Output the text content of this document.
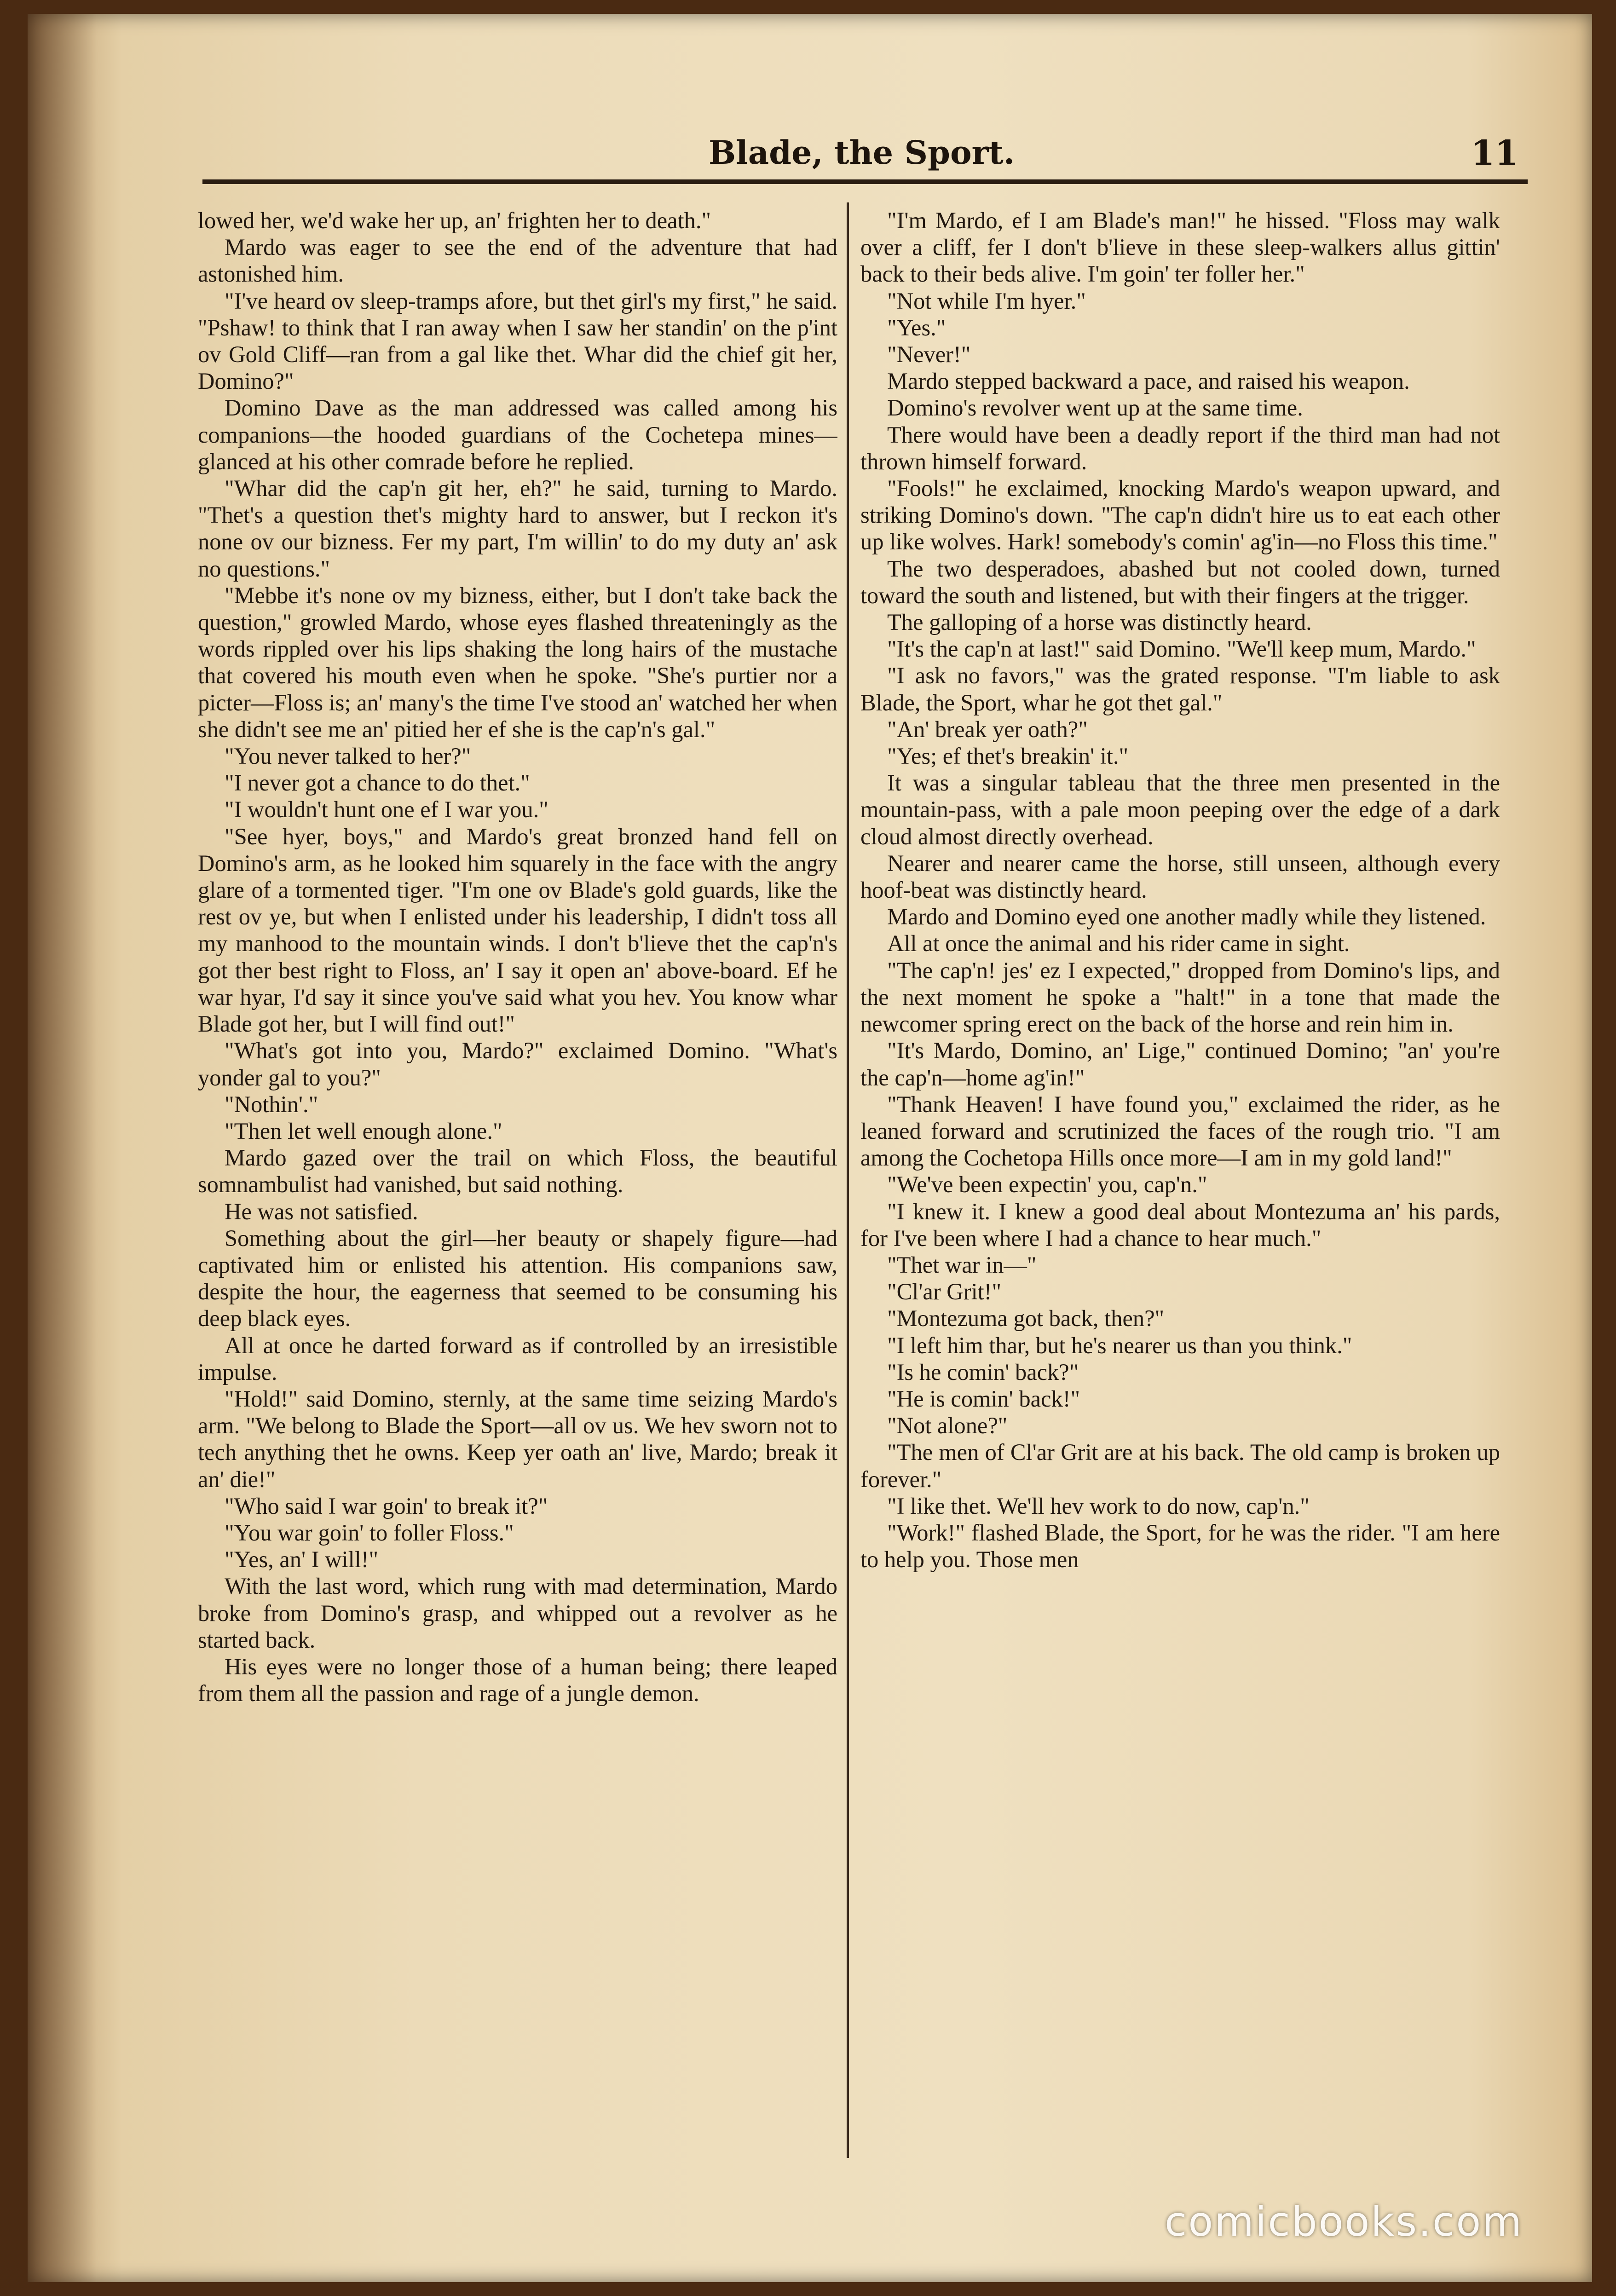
Blade, the Sport.	11

lowed her, we'd wake her up, an' frighten her to death."

Mardo was eager to see the end of the adventure that had astonished him.

"I've heard ov sleep-tramps afore, but thet girl's my first," he said. "Pshaw! to think that I ran away when I saw her standin' on the p'int ov Gold Cliff—ran from a gal like thet. Whar did the chief git her, Domino?"

Domino Dave as the man addressed was called among his companions—the hooded guardians of the Cochetepa mines—glanced at his other comrade before he replied.

"Whar did the cap'n git her, eh?" he said, turning to Mardo. "Thet's a question thet's mighty hard to answer, but I reckon it's none ov our bizness. Fer my part, I'm willin' to do my duty an' ask no questions."

"Mebbe it's none ov my bizness, either, but I don't take back the question," growled Mardo, whose eyes flashed threateningly as the words rippled over his lips shaking the long hairs of the mustache that covered his mouth even when he spoke. "She's purtier nor a picter—Floss is; an' many's the time I've stood an' watched her when she didn't see me an' pitied her ef she is the cap'n's gal."

"You never talked to her?"

"I never got a chance to do thet."

"I wouldn't hunt one ef I war you."

"See hyer, boys," and Mardo's great bronzed hand fell on Domino's arm, as he looked him squarely in the face with the angry glare of a tormented tiger. "I'm one ov Blade's gold guards, like the rest ov ye, but when I enlisted under his leadership, I didn't toss all my manhood to the mountain winds. I don't b'lieve thet the cap'n's got ther best right to Floss, an' I say it open an' above-board. Ef he war hyar, I'd say it since you've said what you hev. You know whar Blade got her, but I will find out!"

"What's got into you, Mardo?" exclaimed Domino. "What's yonder gal to you?"

"Nothin'."

"Then let well enough alone."

Mardo gazed over the trail on which Floss, the beautiful somnambulist had vanished, but said nothing.

He was not satisfied.

Something about the girl—her beauty or shapely figure—had captivated him or enlisted his attention. His companions saw, despite the hour, the eagerness that seemed to be consuming his deep black eyes.

All at once he darted forward as if controlled by an irresistible impulse.

"Hold!" said Domino, sternly, at the same time seizing Mardo's arm. "We belong to Blade the Sport—all ov us. We hev sworn not to tech anything thet he owns. Keep yer oath an' live, Mardo; break it an' die!"

"Who said I war goin' to break it?"

"You war goin' to foller Floss."

"Yes, an' I will!"

With the last word, which rung with mad determination, Mardo broke from Domino's grasp, and whipped out a revolver as he started back.

His eyes were no longer those of a human being; there leaped from them all the passion and rage of a jungle demon.

"I'm Mardo, ef I am Blade's man!" he hissed. "Floss may walk over a cliff, fer I don't b'lieve in these sleep-walkers allus gittin' back to their beds alive. I'm goin' ter foller her."

"Not while I'm hyer."

"Yes."

"Never!"

Mardo stepped backward a pace, and raised his weapon.

Domino's revolver went up at the same time.

There would have been a deadly report if the third man had not thrown himself forward.

"Fools!" he exclaimed, knocking Mardo's weapon upward, and striking Domino's down. "The cap'n didn't hire us to eat each other up like wolves. Hark! somebody's comin' ag'in—no Floss this time."

The two desperadoes, abashed but not cooled down, turned toward the south and listened, but with their fingers at the trigger.

The galloping of a horse was distinctly heard.

"It's the cap'n at last!" said Domino. "We'll keep mum, Mardo."

"I ask no favors," was the grated response. "I'm liable to ask Blade, the Sport, whar he got thet gal."

"An' break yer oath?"

"Yes; ef thet's breakin' it."

It was a singular tableau that the three men presented in the mountain-pass, with a pale moon peeping over the edge of a dark cloud almost directly overhead.

Nearer and nearer came the horse, still unseen, although every hoof-beat was distinctly heard.

Mardo and Domino eyed one another madly while they listened.

All at once the animal and his rider came in sight.

"The cap'n! jes' ez I expected," dropped from Domino's lips, and the next moment he spoke a "halt!" in a tone that made the newcomer spring erect on the back of the horse and rein him in.

"It's Mardo, Domino, an' Lige," continued Domino; "an' you're the cap'n—home ag'in!"

"Thank Heaven! I have found you," exclaimed the rider, as he leaned forward and scrutinized the faces of the rough trio. "I am among the Cochetopa Hills once more—I am in my gold land!"

"We've been expectin' you, cap'n."

"I knew it. I knew a good deal about Montezuma an' his pards, for I've been where I had a chance to hear much."

"Thet war in—"

"Cl'ar Grit!"

"Montezuma got back, then?"

"I left him thar, but he's nearer us than you think."

"Is he comin' back?"

"He is comin' back!"

"Not alone?"

"The men of Cl'ar Grit are at his back. The old camp is broken up forever."

"I like thet. We'll hev work to do now, cap'n."

"Work!" flashed Blade, the Sport, for he was the rider. "I am here to help you. Those men

comicbooks.com
